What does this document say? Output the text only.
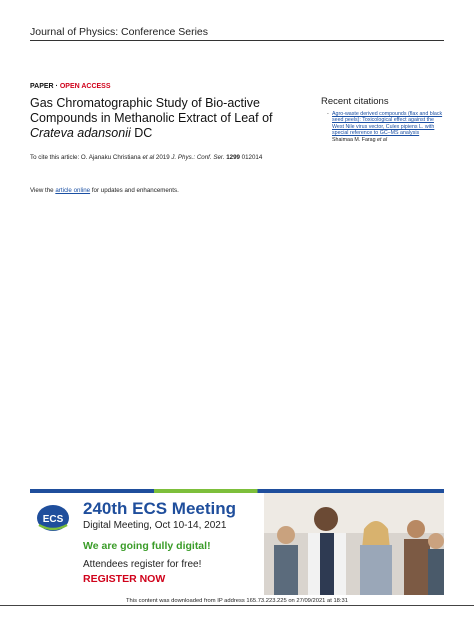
Journal of Physics: Conference Series
PAPER · OPEN ACCESS
Gas Chromatographic Study of Bio-active
Compounds in Methanolic Extract of Leaf of
Crateva adansonii DC
To cite this article: O. Ajanaku Christiana et al 2019 J. Phys.: Conf. Ser. 1299 012014
View the article online for updates and enhancements.
Recent citations
- Agro-waste derived compounds (flax and black seed peels): Toxicological effect against the West Nile virus vector, Culex pipiens L. with special reference to GC–MS analysis
Shaimaa M. Farag et al
ECS
240th ECS Meeting
Digital Meeting, Oct 10-14, 2021
We are going fully digital!
Attendees register for free!
REGISTER NOW
This content was downloaded from IP address 165.73.223.225 on 27/09/2021 at 18:31
